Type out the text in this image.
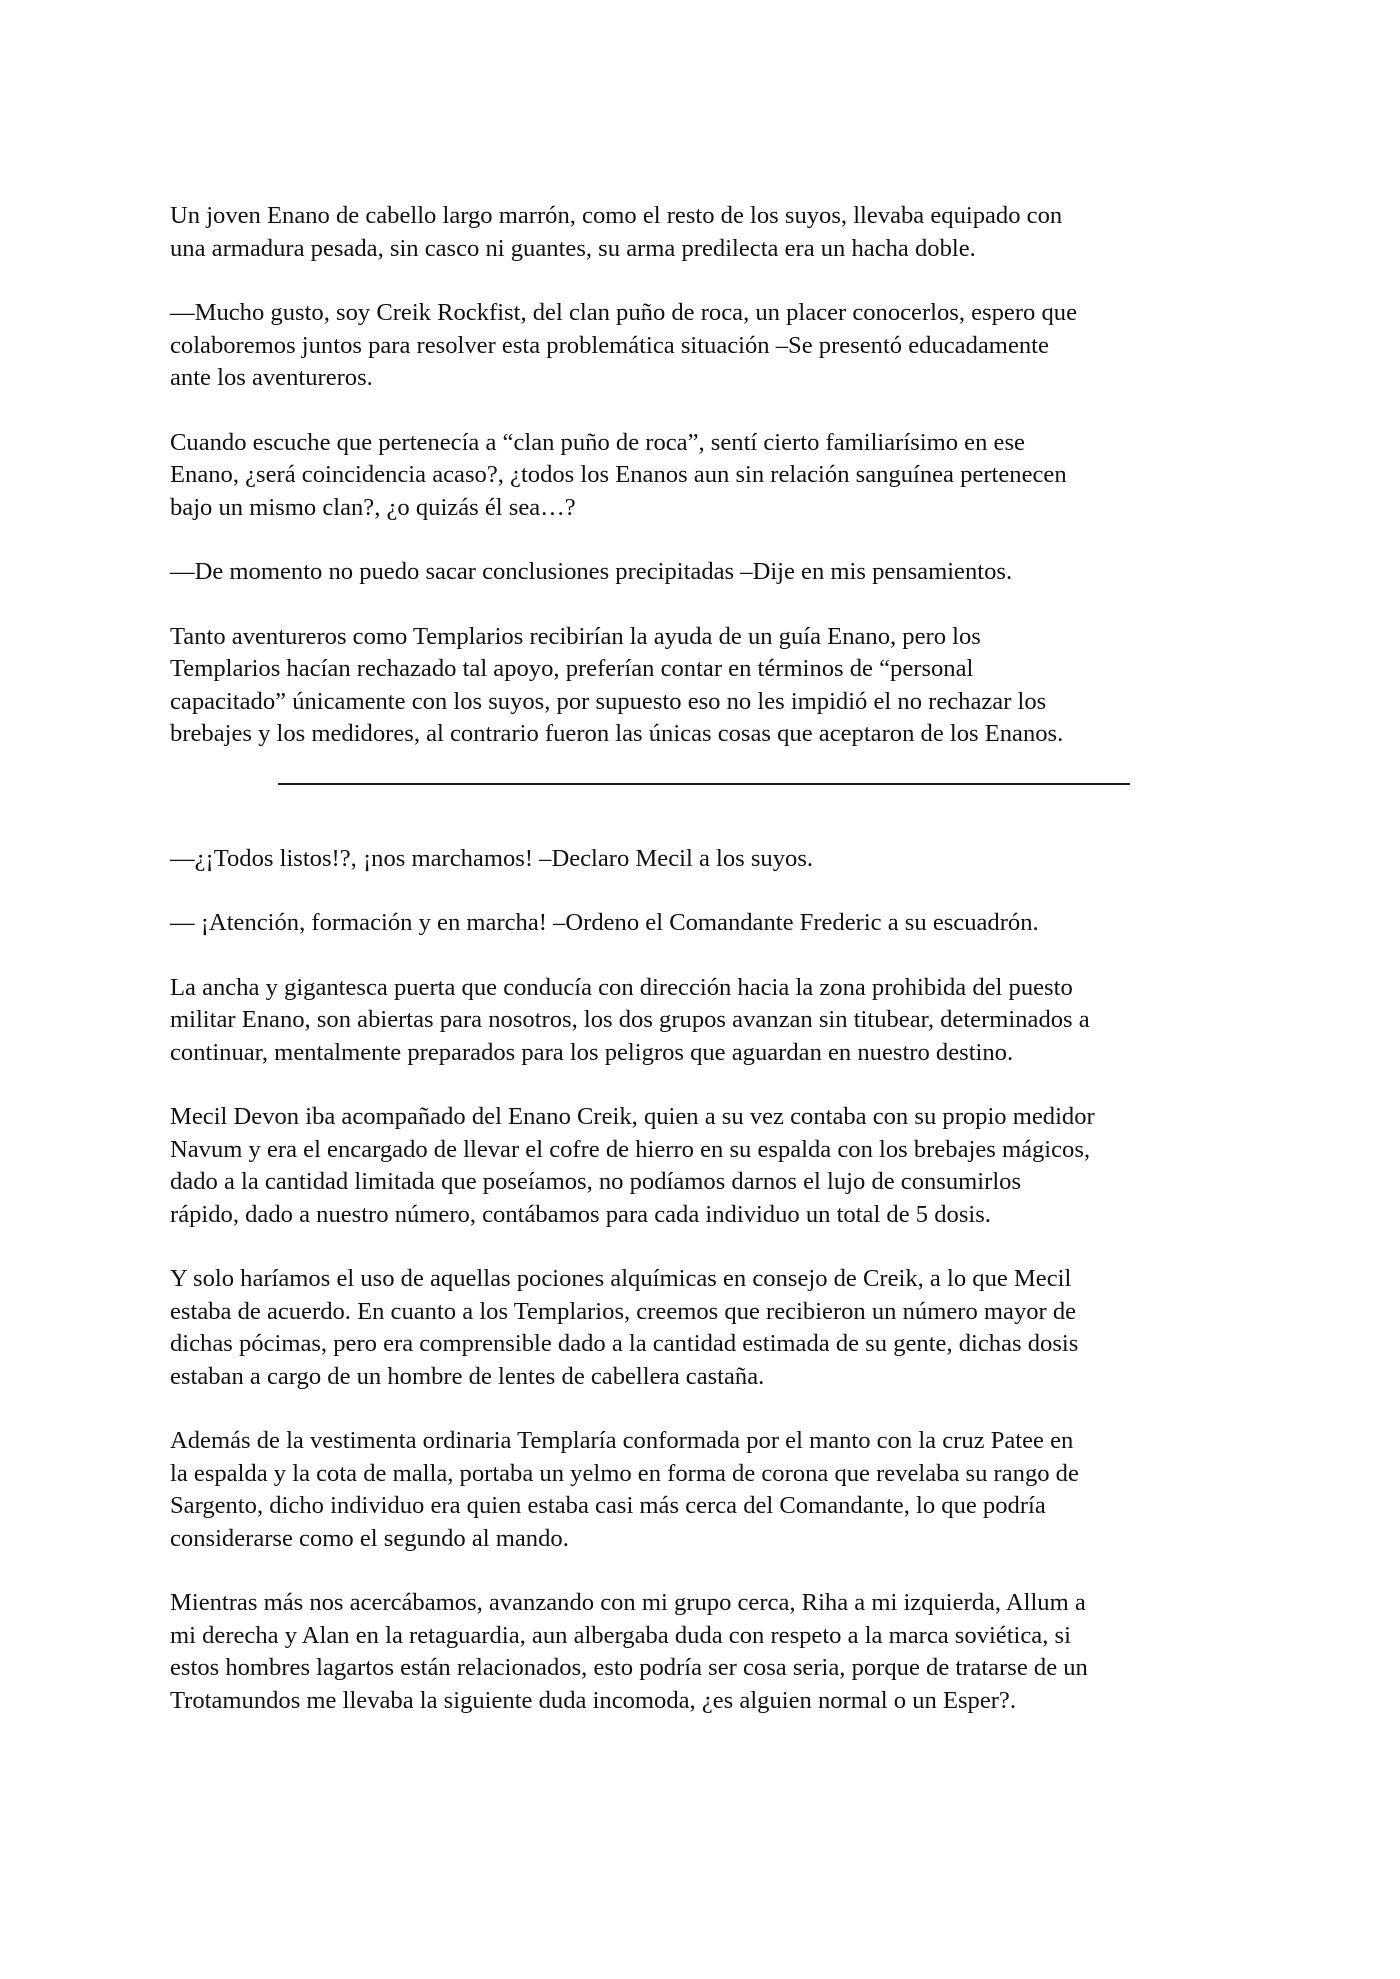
Un joven Enano de cabello largo marrón, como el resto de los suyos, llevaba equipado con
una armadura pesada, sin casco ni guantes, su arma predilecta era un hacha doble.

—Mucho gusto, soy Creik Rockfist, del clan puño de roca, un placer conocerlos, espero que
colaboremos juntos para resolver esta problemática situación –Se presentó educadamente
ante los aventureros.

Cuando escuche que pertenecía a “clan puño de roca”, sentí cierto familiarísimo en ese
Enano, ¿será coincidencia acaso?, ¿todos los Enanos aun sin relación sanguínea pertenecen
bajo un mismo clan?, ¿o quizás él sea…?

—De momento no puedo sacar conclusiones precipitadas –Dije en mis pensamientos.

Tanto aventureros como Templarios recibirían la ayuda de un guía Enano, pero los
Templarios hacían rechazado tal apoyo, preferían contar en términos de “personal
capacitado” únicamente con los suyos, por supuesto eso no les impidió el no rechazar los
brebajes y los medidores, al contrario fueron las únicas cosas que aceptaron de los Enanos.

—¿¡Todos listos!?, ¡nos marchamos! –Declaro Mecil a los suyos.

— ¡Atención, formación y en marcha! –Ordeno el Comandante Frederic a su escuadrón.

La ancha y gigantesca puerta que conducía con dirección hacia la zona prohibida del puesto
militar Enano, son abiertas para nosotros, los dos grupos avanzan sin titubear, determinados a
continuar, mentalmente preparados para los peligros que aguardan en nuestro destino.

Mecil Devon iba acompañado del Enano Creik, quien a su vez contaba con su propio medidor
Navum y era el encargado de llevar el cofre de hierro en su espalda con los brebajes mágicos,
dado a la cantidad limitada que poseíamos, no podíamos darnos el lujo de consumirlos
rápido, dado a nuestro número, contábamos para cada individuo un total de 5 dosis.

Y solo haríamos el uso de aquellas pociones alquímicas en consejo de Creik, a lo que Mecil
estaba de acuerdo. En cuanto a los Templarios, creemos que recibieron un número mayor de
dichas pócimas, pero era comprensible dado a la cantidad estimada de su gente, dichas dosis
estaban a cargo de un hombre de lentes de cabellera castaña.

Además de la vestimenta ordinaria Templaría conformada por el manto con la cruz Patee en
la espalda y la cota de malla, portaba un yelmo en forma de corona que revelaba su rango de
Sargento, dicho individuo era quien estaba casi más cerca del Comandante, lo que podría
considerarse como el segundo al mando.

Mientras más nos acercábamos, avanzando con mi grupo cerca, Riha a mi izquierda, Allum a
mi derecha y Alan en la retaguardia, aun albergaba duda con respeto a la marca soviética, si
estos hombres lagartos están relacionados, esto podría ser cosa seria, porque de tratarse de un
Trotamundos me llevaba la siguiente duda incomoda, ¿es alguien normal o un Esper?.
